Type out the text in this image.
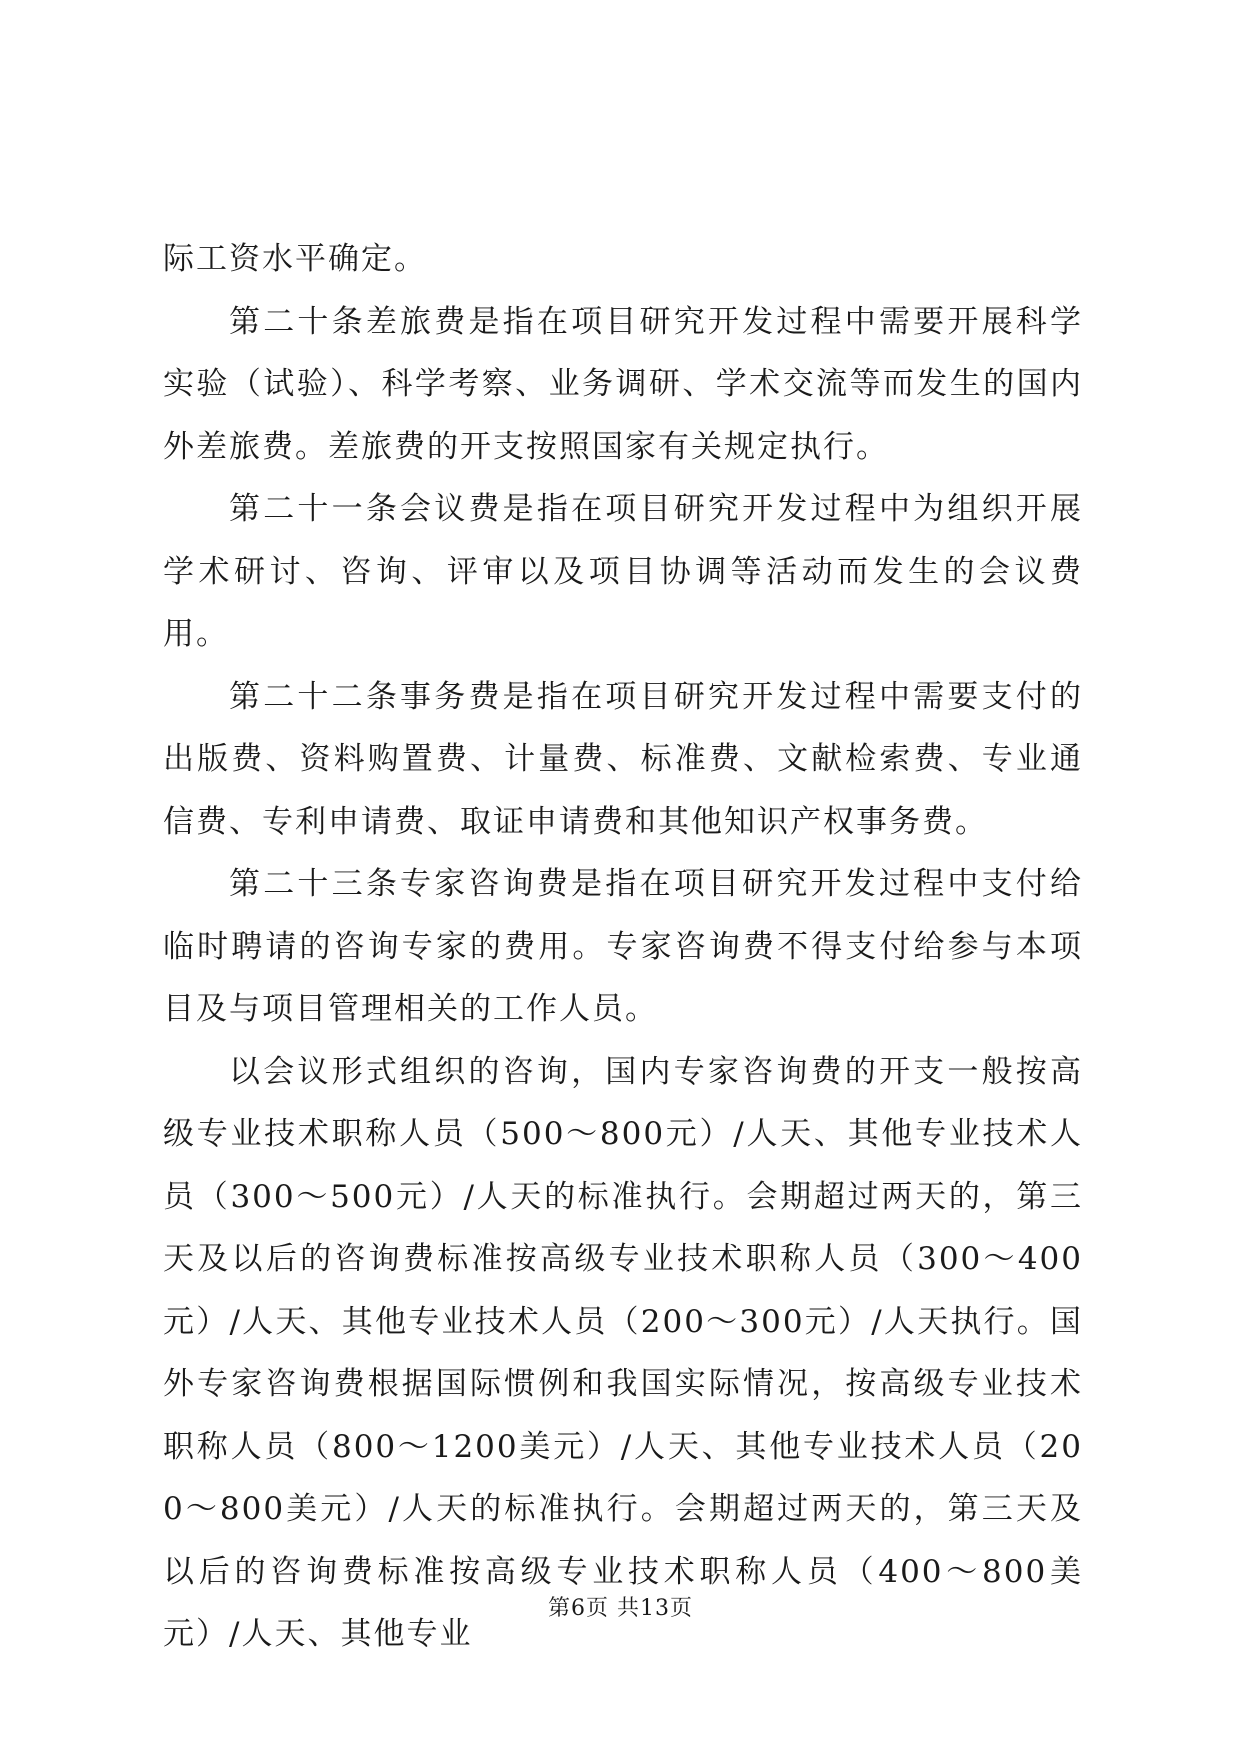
际工资水平确定。

第二十条差旅费是指在项目研究开发过程中需要开展科学实验（试验）、科学考察、业务调研、学术交流等而发生的国内外差旅费。差旅费的开支按照国家有关规定执行。

第二十一条会议费是指在项目研究开发过程中为组织开展学术研讨、咨询、评审以及项目协调等活动而发生的会议费用。

第二十二条事务费是指在项目研究开发过程中需要支付的出版费、资料购置费、计量费、标准费、文献检索费、专业通信费、专利申请费、取证申请费和其他知识产权事务费。

第二十三条专家咨询费是指在项目研究开发过程中支付给临时聘请的咨询专家的费用。专家咨询费不得支付给参与本项目及与项目管理相关的工作人员。

以会议形式组织的咨询，国内专家咨询费的开支一般按高级专业技术职称人员（500～800元）/人天、其他专业技术人员（300～500元）/人天的标准执行。会期超过两天的，第三天及以后的咨询费标准按高级专业技术职称人员（300～400元）/人天、其他专业技术人员（200～300元）/人天执行。国外专家咨询费根据国际惯例和我国实际情况，按高级专业技术职称人员（800～1200美元）/人天、其他专业技术人员（200～800美元）/人天的标准执行。会期超过两天的，第三天及以后的咨询费标准按高级专业技术职称人员（400～800美元）/人天、其他专业

第6页 共13页
